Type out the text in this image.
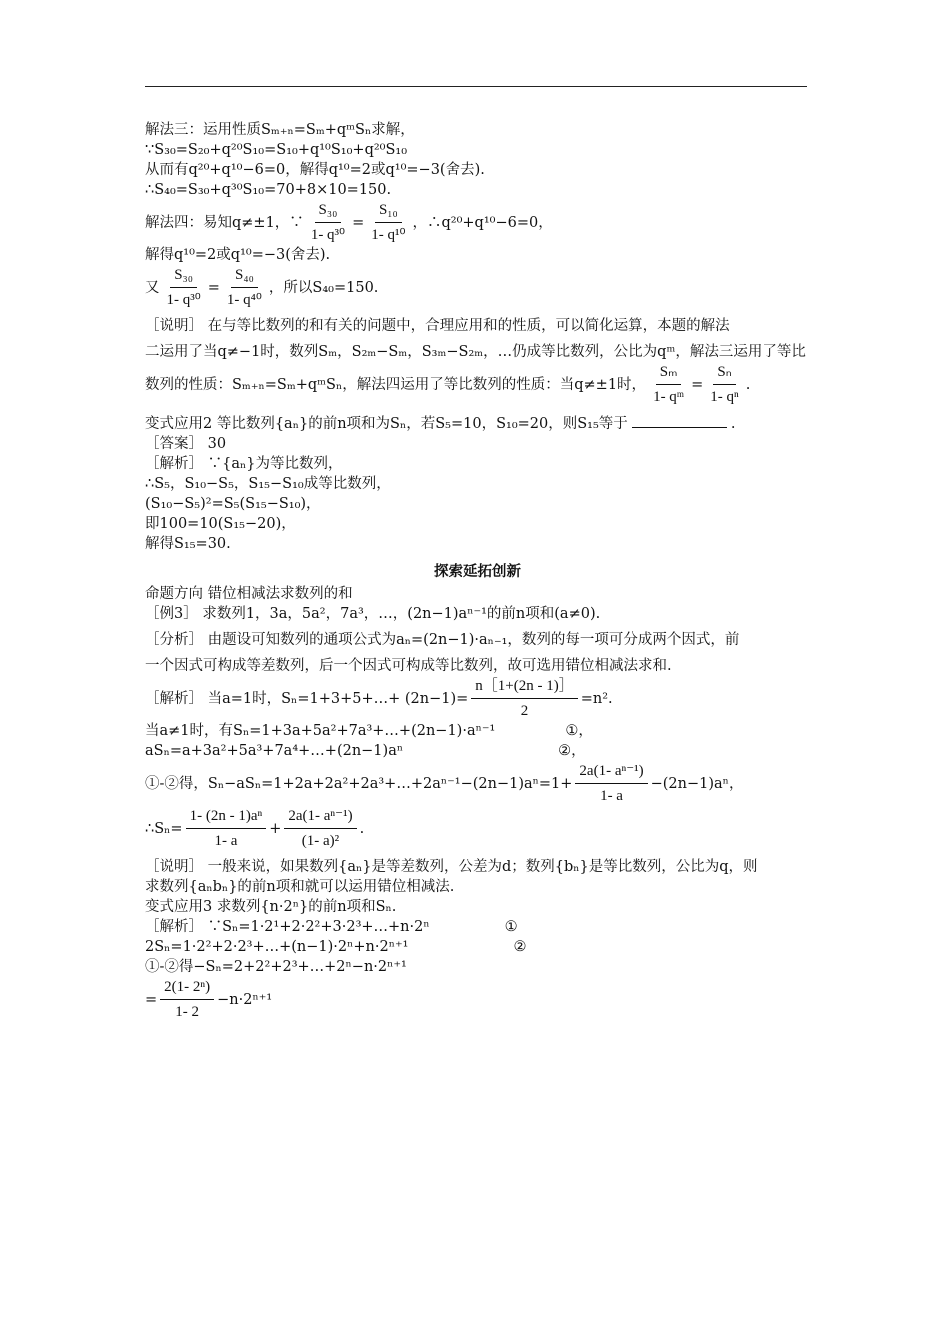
解法三：运用性质Sₘ₊ₙ=Sₘ+qᵐSₙ求解，

∵S₃₀=S₂₀+q²⁰S₁₀=S₁₀+q¹⁰S₁₀+q²⁰S₁₀

从而有q²⁰+q¹⁰−6=0，解得q¹⁰=2或q¹⁰=−3(舍去).

∴S₄₀=S₃₀+q³⁰S₁₀=70+8×10=150.

解法四：易知q≠±1，∵ $\frac{\text{S₃₀}}{\text{1- q³⁰}} = \frac{\text{S₁₀}}{\text{1- q¹⁰}}$ ，∴q²⁰+q¹⁰−6=0，

解得q¹⁰=2或q¹⁰=−3(舍去).

又 $\frac{\text{S₃₀}}{\text{1- q³⁰}} = \frac{\text{S₄₀}}{\text{1- q⁴⁰}}$ ，所以S₄₀=150.

［说明］ 在与等比数列的和有关的问题中，合理应用和的性质，可以简化运算，本题的解法

二运用了当q≠−1时，数列Sₘ，S₂ₘ−Sₘ，S₃ₘ−S₂ₘ，…仍成等比数列，公比为qᵐ，解法三运用了等比

数列的性质：Sₘ₊ₙ=Sₘ+qᵐSₙ，解法四运用了等比数列的性质：当q≠±1时， $\frac{\text{Sₘ}}{\text{1- qᵐ}} = \frac{\text{Sₙ}}{\text{1- qⁿ}}$ .

变式应用2 等比数列{aₙ}的前n项和为Sₙ，若S₅=10，S₁₀=20，则S₁₅等于	.

［答案］ 30

［解析］ ∵{aₙ}为等比数列，

∴S₅，S₁₀−S₅，S₁₅−S₁₀成等比数列，

(S₁₀−S₅)²=S₅(S₁₅−S₁₀)，

即100=10(S₁₅−20)，

解得S₁₅=30.

探索延拓创新

命题方向 错位相减法求数列的和

［例3］ 求数列1，3a，5a²，7a³，…，(2n−1)aⁿ⁻¹的前n项和(a≠0).

［分析］ 由题设可知数列的通项公式为aₙ=(2n−1)·aₙ₋₁，数列的每一项可分成两个因式，前

一个因式可构成等差数列，后一个因式可构成等比数列，故可选用错位相减法求和.

［解析］ 当a=1时，Sₙ=1+3+5+…+ $(2n-1)= \frac{n[1+(2n - 1)]}{2} =n^2$.

当a≠1时，有Sₙ=1+3a+5a²+7a³+…+(2n−1)·aⁿ⁻¹	①，

aSₙ=a+3a²+5a³+7a⁴+…+(2n−1)aⁿ	②，

①-②得，Sₙ−aSₙ=1+2a+2a²+2a³+…+2aⁿ⁻¹−(2n−1)aⁿ=1+ $\frac{\text{2a(1- aⁿ⁻¹)}}{1- a} -(2n-1)a^n$，
∴Sₙ= $\frac{\text{1- (2n - 1)aⁿ}}{1- a} + \frac{\text{2a(1- aⁿ⁻¹)}}{\text{(1- a)²}}$ .

［说明］ 一般来说，如果数列{aₙ}是等差数列，公差为d；数列{bₙ}是等比数列，公比为q，则

求数列{aₙbₙ}的前n项和就可以运用错位相减法.

变式应用3 求数列{n·2ⁿ}的前n项和Sₙ.

［解析］ ∵Sₙ=1·2¹+2·2²+3·2³+…+n·2ⁿ	①

2Sₙ=1·2²+2·2³+…+(n−1)·2ⁿ+n·2ⁿ⁺¹	②

①-②得−Sₙ=2+2²+2³+…+2ⁿ−n·2ⁿ⁺¹

= $\frac{\text{2(1- 2ⁿ)}}{1- 2} -n\cdot 2^{n+1}$
